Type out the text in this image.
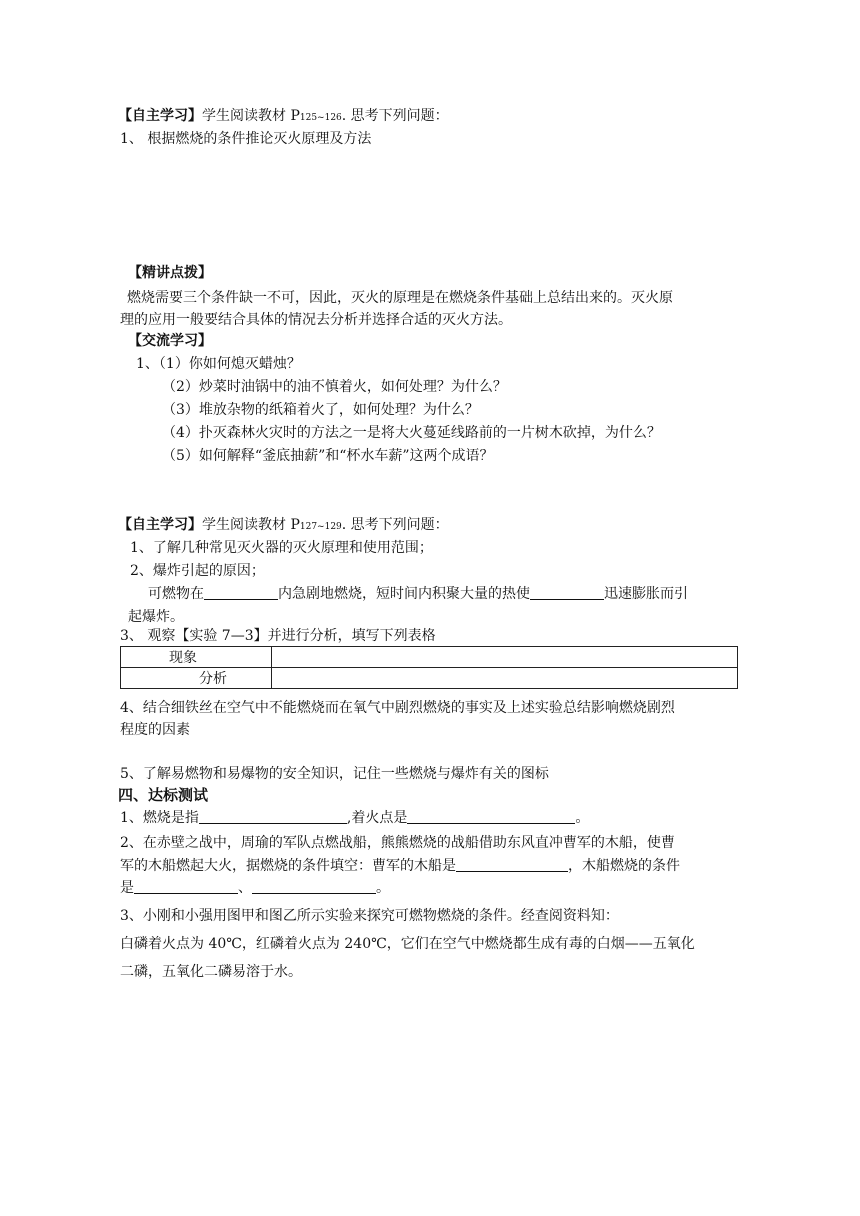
【自主学习】学生阅读教材 P125~126. 思考下列问题：
1、 根据燃烧的条件推论灭火原理及方法
【精讲点拨】
燃烧需要三个条件缺一不可，因此，灭火的原理是在燃烧条件基础上总结出来的。灭火原
理的应用一般要结合具体的情况去分析并选择合适的灭火方法。
【交流学习】
1、（1）你如何熄灭蜡烛？
（2）炒菜时油锅中的油不慎着火，如何处理？为什么？
（3）堆放杂物的纸箱着火了，如何处理？为什么？
（4）扑灭森林火灾时的方法之一是将大火蔓延线路前的一片树木砍掉，为什么？
（5）如何解释“釜底抽薪”和“杯水车薪”这两个成语？
【自主学习】学生阅读教材 P127~129. 思考下列问题：
1、了解几种常见灭火器的灭火原理和使用范围；
2、爆炸引起的原因；
可燃物在	内急剧地燃烧，短时间内积聚大量的热使	迅速膨胀而引
起爆炸。
3、 观察【实验 7—3】并进行分析，填写下列表格
现象	
分析	
4、结合细铁丝在空气中不能燃烧而在氧气中剧烈燃烧的事实及上述实验总结影响燃烧剧烈
程度的因素
5、了解易燃物和易爆物的安全知识，记住一些燃烧与爆炸有关的图标
四、达标测试
1、燃烧是指	,着火点是	。
2、在赤壁之战中，周瑜的军队点燃战船，熊熊燃烧的战船借助东风直冲曹军的木船，使曹
军的木船燃起大火，据燃烧的条件填空：曹军的木船是	，木船燃烧的条件
是	、	。
3、小刚和小强用图甲和图乙所示实验来探究可燃物燃烧的条件。经查阅资料知：
白磷着火点为 40℃，红磷着火点为 240℃，它们在空气中燃烧都生成有毒的白烟——五氧化
二磷，五氧化二磷易溶于水。
